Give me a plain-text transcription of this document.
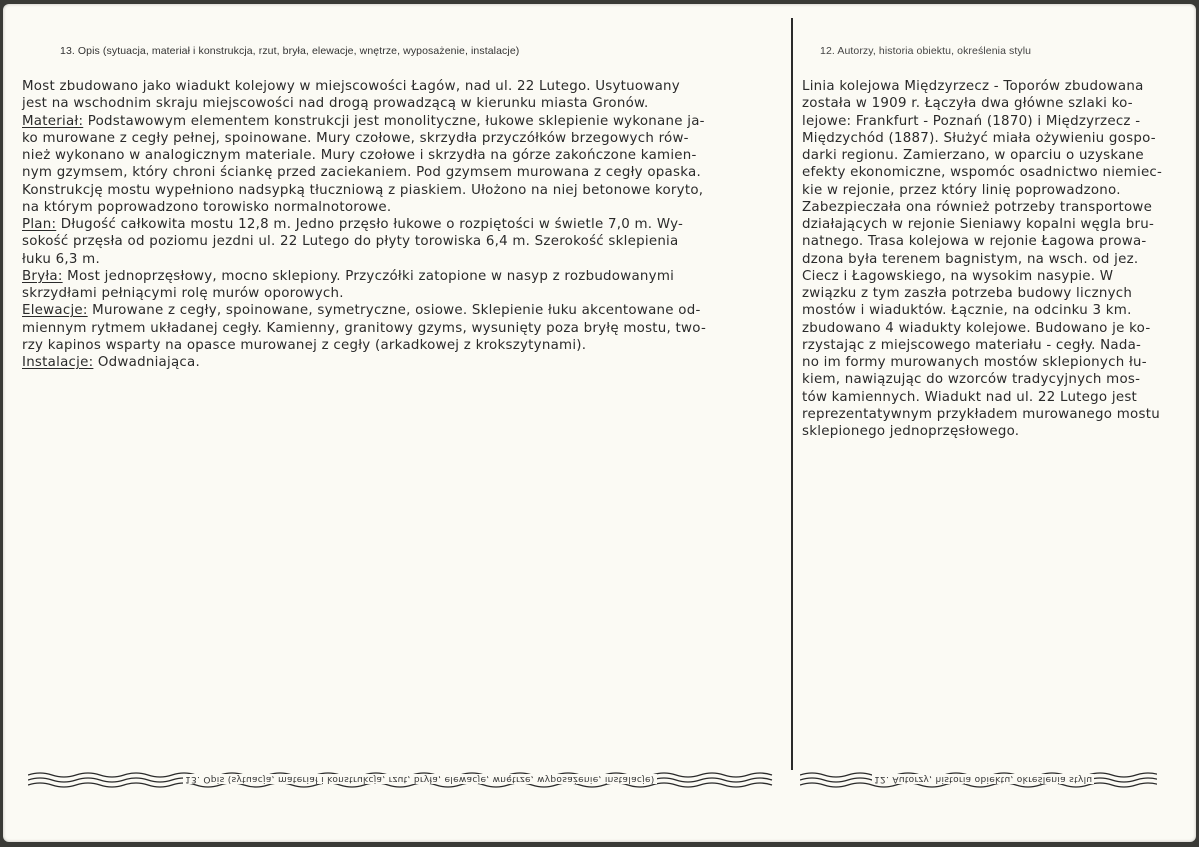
13. Opis (sytuacja, materiał i konstrukcja, rzut, bryła, elewacje, wnętrze, wyposażenie, instalacje)
Most zbudowano jako wiadukt kolejowy w miejscowości Łagów, nad ul. 22 Lutego. Usytuowany
jest na wschodnim skraju miejscowości nad drogą prowadzącą w kierunku miasta Gronów.
Materiał: Podstawowym elementem konstrukcji jest monolityczne, łukowe sklepienie wykonane ja-
ko murowane z cegły pełnej, spoinowane. Mury czołowe, skrzydła przyczółków brzegowych rów-
nież wykonano w analogicznym materiale. Mury czołowe i skrzydła na górze zakończone kamien-
nym gzymsem, który chroni ściankę przed zaciekaniem. Pod gzymsem murowana z cegły opaska.
Konstrukcję mostu wypełniono nadsypką tłuczniową z piaskiem. Ułożono na niej betonowe koryto,
na którym poprowadzono torowisko normalnotorowe.
Plan: Długość całkowita mostu 12,8 m. Jedno przęsło łukowe o rozpiętości w świetle 7,0 m. Wy-
sokość przęsła od poziomu jezdni ul. 22 Lutego do płyty torowiska 6,4 m. Szerokość sklepienia
łuku 6,3 m.
Bryła: Most jednoprzęsłowy, mocno sklepiony. Przyczółki zatopione w nasyp z rozbudowanymi
skrzydłami pełniącymi rolę murów oporowych.
Elewacje: Murowane z cegły, spoinowane, symetryczne, osiowe. Sklepienie łuku akcentowane od-
miennym rytmem układanej cegły. Kamienny, granitowy gzyms, wysunięty poza bryłę mostu, two-
rzy kapinos wsparty na opasce murowanej z cegły (arkadkowej z krokszytynami).
Instalacje: Odwadniająca.
12. Autorzy, historia obiektu, określenia stylu
Linia kolejowa Międzyrzecz - Toporów zbudowana
została w 1909 r. Łączyła dwa główne szlaki ko-
lejowe: Frankfurt - Poznań (1870) i Międzyrzecz -
Międzychód (1887). Służyć miała ożywieniu gospo-
darki regionu. Zamierzano, w oparciu o uzyskane
efekty ekonomiczne, wspomóc osadnictwo niemiec-
kie w rejonie, przez który linię poprowadzono.
Zabezpieczała ona również potrzeby transportowe
działających w rejonie Sieniawy kopalni węgla bru-
natnego. Trasa kolejowa w rejonie Łagowa prowa-
dzona była terenem bagnistym, na wsch. od jez.
Ciecz i Łagowskiego, na wysokim nasypie. W
związku z tym zaszła potrzeba budowy licznych
mostów i wiaduktów. Łącznie, na odcinku 3 km.
zbudowano 4 wiadukty kolejowe. Budowano je ko-
rzystając z miejscowego materiału - cegły. Nada-
no im formy murowanych mostów sklepionych łu-
kiem, nawiązując do wzorców tradycyjnych mos-
tów kamiennych. Wiadukt nad ul. 22 Lutego jest
reprezentatywnym przykładem murowanego mostu
sklepionego jednoprzęsłowego.
13. Opis (sytuacja, materiał i konstrukcja, rzut, bryła, elewacje, wnętrze, wyposażenie, instalacje)	12. Autorzy, historia obiektu, określenia stylu
